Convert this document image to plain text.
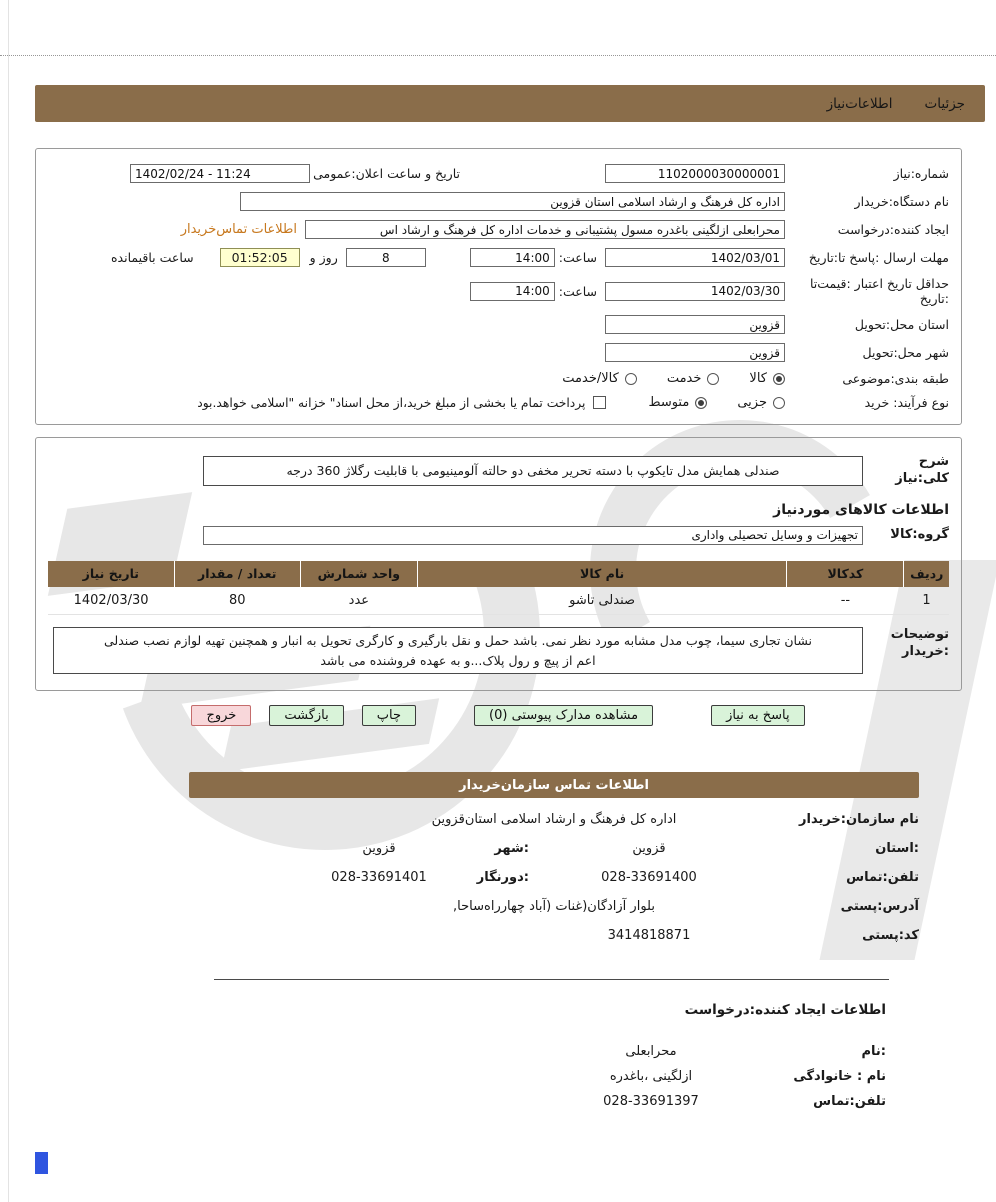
جزئیات
اطلاعات‌نیاز
شماره:نیاز
1102000030000001
تاریخ و ساعت اعلان:عمومی
1402/02/24 - 11:24
نام دستگاه:خریدار
اداره کل فرهنگ و ارشاد اسلامی استان قزوین
ایجاد کننده:درخواست
محرابعلی ازلگینی باغدره مسول پشتیبانی و خدمات اداره کل فرهنگ و ارشاد اس
اطلاعات تماس‌خریدار
مهلت ارسال :پاسخ تا:تاریخ
1402/03/01
ساعت:
14:00
8
روز و
01:52:05
ساعت باقیمانده
حداقل تاریخ اعتبار :قیمت‌تا
:تاریخ
1402/03/30
ساعت:
14:00
استان محل:تحویل
قزوین
شهر محل:تحویل
قزوین
طبقه بندی:موضوعی
کالا
خدمت
کالا/خدمت
نوع فرآیند: خرید
جزیی
متوسط
پرداخت تمام یا بخشی از مبلغ خرید،از محل اسناد" خزانه "اسلامی خواهد.بود
شرح کلی:نیاز
صندلی همایش مدل تایکوپ با دسته تحریر مخفی دو حالته آلومینیومی با قابلیت رگلاژ 360 درجه
اطلاعات کالاهای موردنیاز
گروه:کالا
تجهیزات و وسایل تحصیلی واداری
ردیف	کدکالا	نام کالا	واحد شمارش	تعداد / مقدار	تاریخ نیاز
1	--	صندلی تاشو	عدد	80	1402/03/30
توضیحات
:خریدار
نشان تجاری سیما، چوب مدل مشابه مورد نظر نمی. باشد حمل و نقل بارگیری و کارگری تحویل به انبار و همچنین تهیه لوازم نصب صندلی اعم از پیچ و رول پلاک...و به عهده فروشنده می باشد
پاسخ به نیاز
مشاهده مدارک پیوستی (0)
چاپ
بازگشت
خروج
اطلاعات تماس سازمان‌خریدار
نام سازمان:خریدار
اداره کل فرهنگ و ارشاد اسلامی استان‌قزوین
:استان
قزوین
:شهر
قزوین
تلفن:تماس
028-33691400
:دورنگار
028-33691401
آدرس:پستی
بلوار آزادگان(غنات (آباد چهارراه‌ساحا,
کد:پستی
3414818871
اطلاعات ایجاد کننده:درخواست
:نام
محرابعلی
نام : خانوادگی
ازلگینی ،باغدره
تلفن:تماس
028-33691397
